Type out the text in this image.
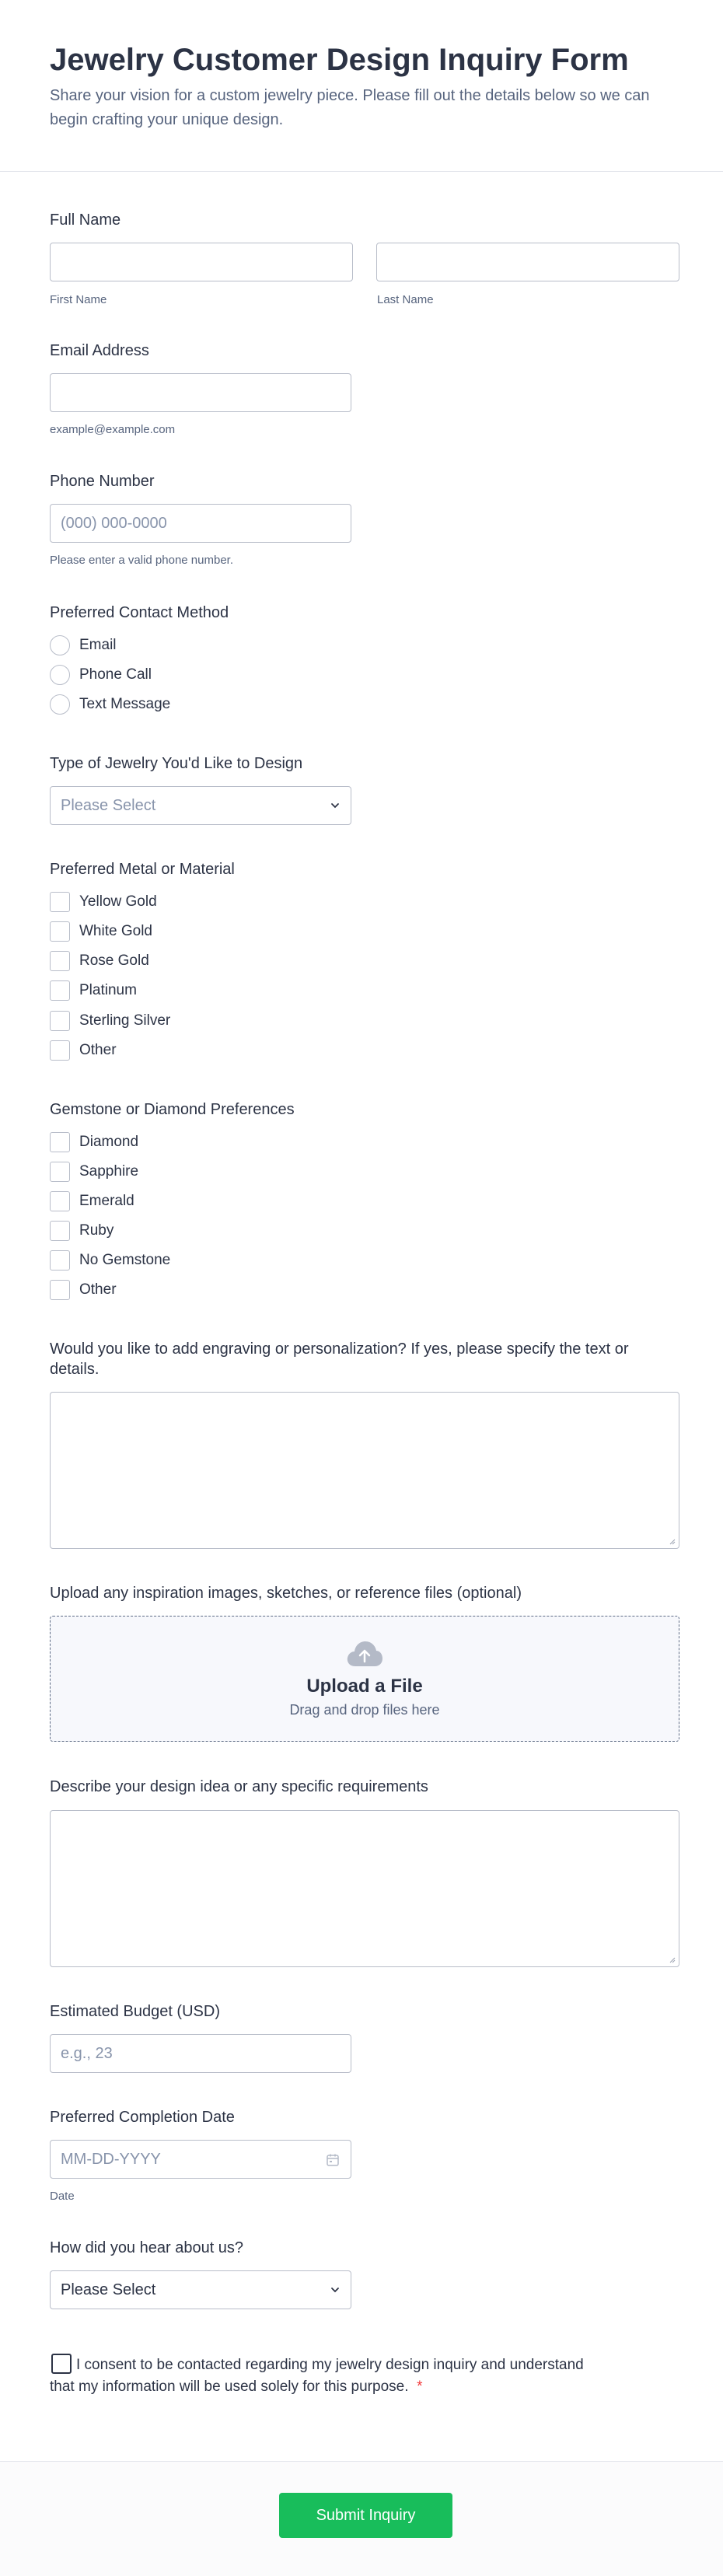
Jewelry Customer Design Inquiry Form

Share your vision for a custom jewelry piece. Please fill out the details below so we can begin crafting your unique design.

Full Name
First Name	Last Name
Email Address
example@example.com
Phone Number
(000) 000-0000
Please enter a valid phone number.
Preferred Contact Method
Email
Phone Call
Text Message
Type of Jewelry You'd Like to Design
Please Select
Preferred Metal or Material
Yellow Gold
White Gold
Rose Gold
Platinum
Sterling Silver
Other
Gemstone or Diamond Preferences
Diamond
Sapphire
Emerald
Ruby
No Gemstone
Other
Would you like to add engraving or personalization? If yes, please specify the text or details.
Upload any inspiration images, sketches, or reference files (optional)
Upload a File
Drag and drop files here
Describe your design idea or any specific requirements
Estimated Budget (USD)
e.g., 23
Preferred Completion Date
MM-DD-YYYY
Date
How did you hear about us?
Please Select
I consent to be contacted regarding my jewelry design inquiry and understand that my information will be used solely for this purpose. *
Submit Inquiry
